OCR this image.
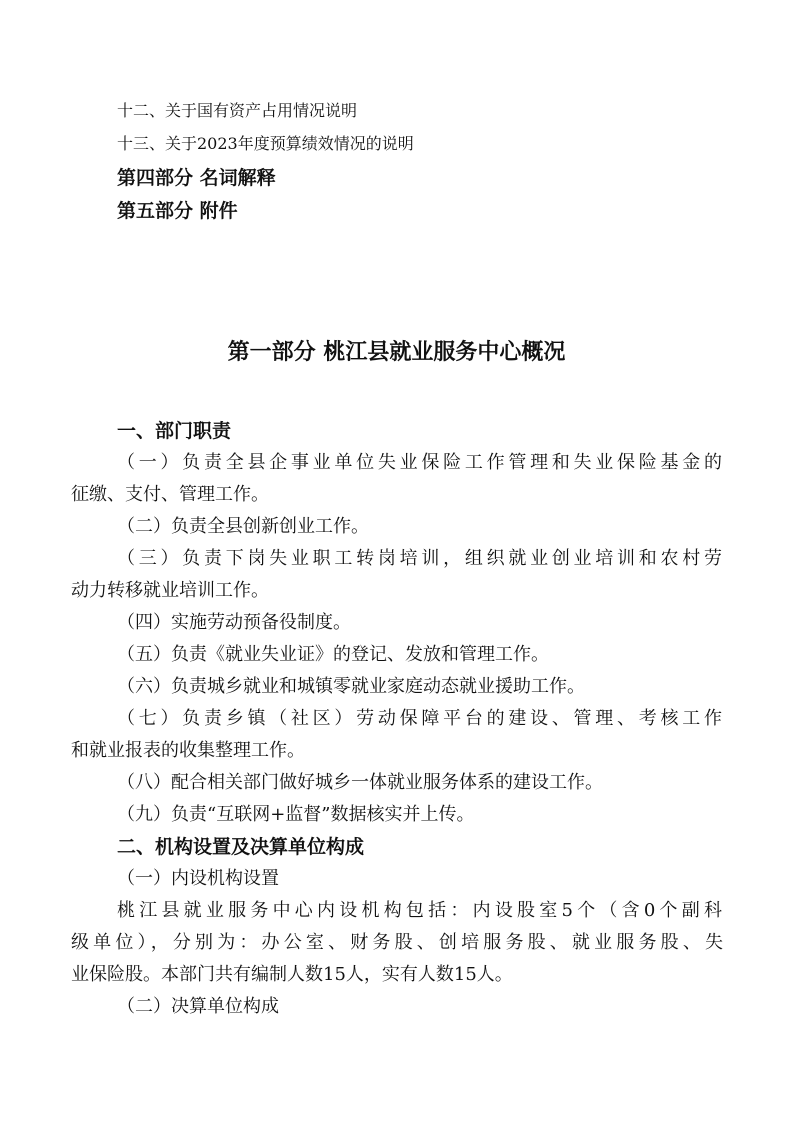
十二、关于国有资产占用情况说明
十三、关于2023年度预算绩效情况的说明
第四部分 名词解释
第五部分 附件
第一部分 桃江县就业服务中心概况
一、部门职责
（一）负责全县企事业单位失业保险工作管理和失业保险基金的
征缴、支付、管理工作。
（二）负责全县创新创业工作。
（三）负责下岗失业职工转岗培训，组织就业创业培训和农村劳
动力转移就业培训工作。
（四）实施劳动预备役制度。
（五）负责《就业失业证》的登记、发放和管理工作。
（六）负责城乡就业和城镇零就业家庭动态就业援助工作。
（七）负责乡镇（社区）劳动保障平台的建设、管理、考核工作
和就业报表的收集整理工作。
（八）配合相关部门做好城乡一体就业服务体系的建设工作。
（九）负责“互联网+监督”数据核实并上传。
二、机构设置及决算单位构成
（一）内设机构设置
桃江县就业服务中心内设机构包括：内设股室5个（含0个副科
级单位），分别为：办公室、财务股、创培服务股、就业服务股、失
业保险股。本部门共有编制人数15人，实有人数15人。
（二）决算单位构成
